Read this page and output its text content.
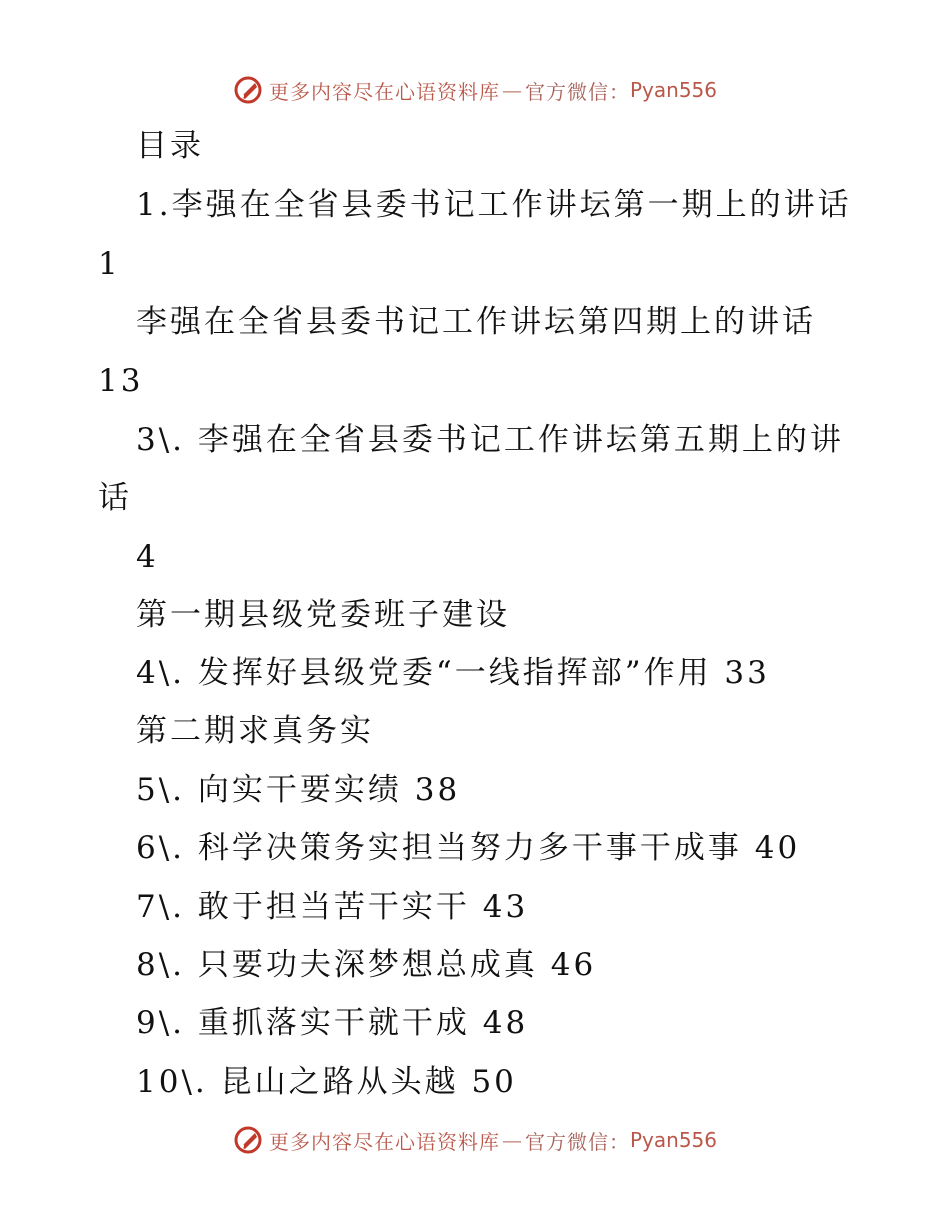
更多内容尽在心语资料库 — 官方微信： Pyan556
目录
1.李强在全省县委书记工作讲坛第一期上的讲话
1
李强在全省县委书记工作讲坛第四期上的讲话
13
3\. 李强在全省县委书记工作讲坛第五期上的讲
话
4
第一期县级党委班子建设
4\. 发挥好县级党委“一线指挥部”作用 33
第二期求真务实
5\. 向实干要实绩 38
6\. 科学决策务实担当努力多干事干成事 40
7\. 敢于担当苦干实干 43
8\. 只要功夫深梦想总成真 46
9\. 重抓落实干就干成 48
10\. 昆山之路从头越 50
更多内容尽在心语资料库 — 官方微信： Pyan556
